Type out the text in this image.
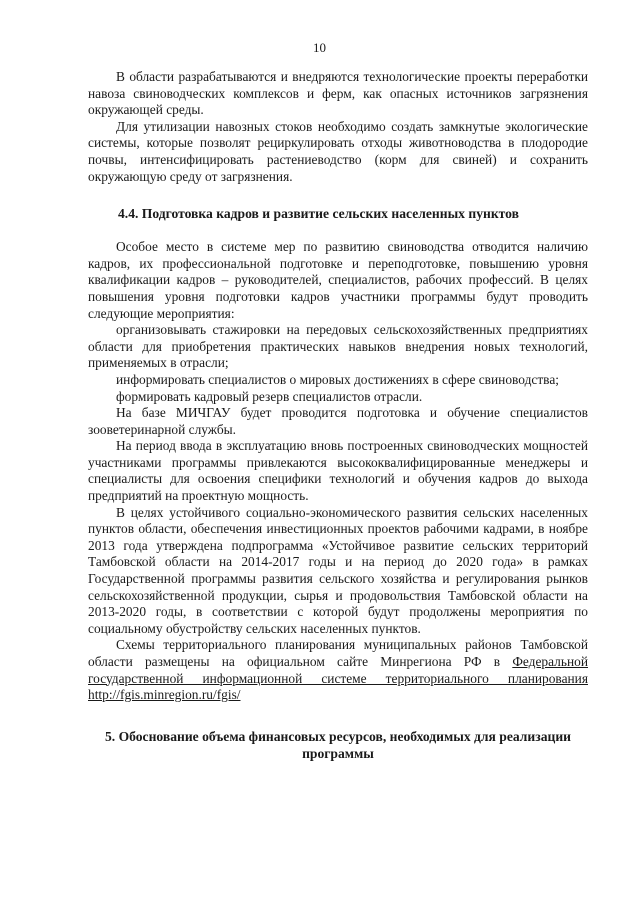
10

В области разрабатываются и внедряются технологические проекты переработки навоза свиноводческих комплексов и ферм, как опасных источников загрязнения окружающей среды.

Для утилизации навозных стоков необходимо создать замкнутые экологические системы, которые позволят рециркулировать отходы животноводства в плодородие почвы, интенсифицировать растениеводство (корм для свиней) и сохранить окружающую среду от загрязнения.

4.4. Подготовка кадров и развитие сельских населенных пунктов

Особое место в системе мер по развитию свиноводства отводится наличию кадров, их профессиональной подготовке и переподготовке, повышению уровня квалификации кадров – руководителей, специалистов, рабочих профессий. В целях повышения уровня подготовки кадров участники программы будут проводить следующие мероприятия:

организовывать стажировки на передовых сельскохозяйственных предприятиях области для приобретения практических навыков внедрения новых технологий, применяемых в отрасли;

информировать специалистов о мировых достижениях в сфере свиноводства;

формировать кадровый резерв специалистов отрасли.

На базе МИЧГАУ будет проводится подготовка и обучение специалистов зооветеринарной службы.

На период ввода в эксплуатацию вновь построенных свиноводческих мощностей участниками программы привлекаются высококвалифицированные менеджеры и специалисты для освоения специфики технологий и обучения кадров до выхода предприятий на проектную мощность.

В целях устойчивого социально-экономического развития сельских населенных пунктов области, обеспечения инвестиционных проектов рабочими кадрами, в ноябре 2013 года утверждена подпрограмма «Устойчивое развитие сельских территорий Тамбовской области на 2014-2017 годы и на период до 2020 года» в рамках Государственной программы развития сельского хозяйства и регулирования рынков сельскохозяйственной продукции, сырья и продовольствия Тамбовской области на 2013-2020 годы, в соответствии с которой будут продолжены мероприятия по социальному обустройству сельских населенных пунктов.

Схемы территориального планирования муниципальных районов Тамбовской области размещены на официальном сайте Минрегиона РФ в Федеральной государственной информационной системе территориального планирования http://fgis.minregion.ru/fgis/

5. Обоснование объема финансовых ресурсов, необходимых для реализации программы
